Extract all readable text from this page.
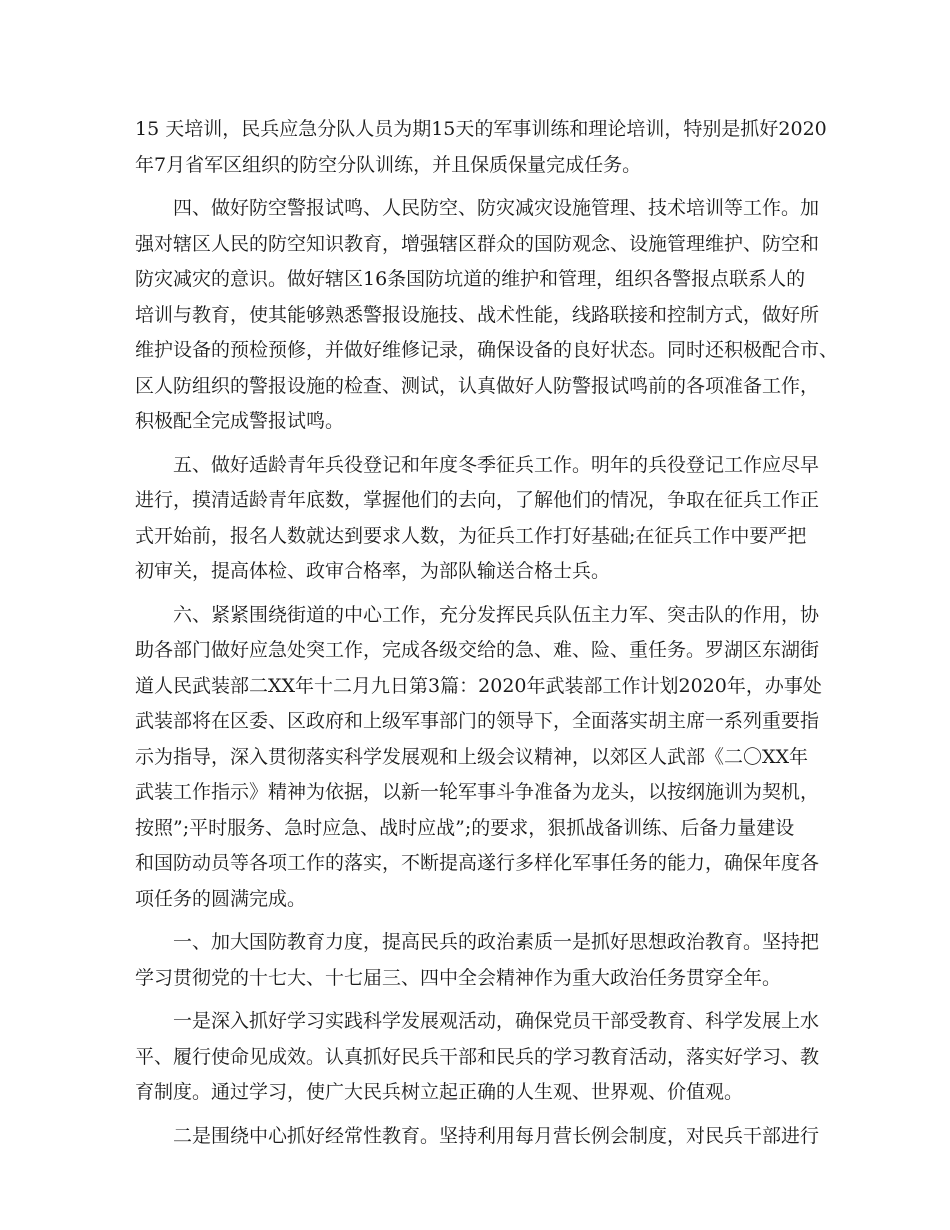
15 天培训，民兵应急分队人员为期15天的军事训练和理论培训，特别是抓好2020
年7月省军区组织的防空分队训练，并且保质保量完成任务。
四、做好防空警报试鸣、人民防空、防灾减灾设施管理、技术培训等工作。加
强对辖区人民的防空知识教育，增强辖区群众的国防观念、设施管理维护、防空和
防灾减灾的意识。做好辖区16条国防坑道的维护和管理，组织各警报点联系人的
培训与教育，使其能够熟悉警报设施技、战术性能，线路联接和控制方式，做好所
维护设备的预检预修，并做好维修记录，确保设备的良好状态。同时还积极配合市、
区人防组织的警报设施的检查、测试，认真做好人防警报试鸣前的各项准备工作，
积极配全完成警报试鸣。
五、做好适龄青年兵役登记和年度冬季征兵工作。明年的兵役登记工作应尽早
进行，摸清适龄青年底数，掌握他们的去向，了解他们的情况，争取在征兵工作正
式开始前，报名人数就达到要求人数，为征兵工作打好基础;在征兵工作中要严把
初审关，提高体检、政审合格率，为部队输送合格士兵。
六、紧紧围绕街道的中心工作，充分发挥民兵队伍主力军、突击队的作用，协
助各部门做好应急处突工作，完成各级交给的急、难、险、重任务。罗湖区东湖街
道人民武装部二XX年十二月九日第3篇：2020年武装部工作计划2020年，办事处
武装部将在区委、区政府和上级军事部门的领导下，全面落实胡主席一系列重要指
示为指导，深入贯彻落实科学发展观和上级会议精神，以郊区人武部《二〇XX年
武装工作指示》精神为依据，以新一轮军事斗争准备为龙头，以按纲施训为契机，
按照”;平时服务、急时应急、战时应战”;的要求，狠抓战备训练、后备力量建设
和国防动员等各项工作的落实，不断提高遂行多样化军事任务的能力，确保年度各
项任务的圆满完成。
一、加大国防教育力度，提高民兵的政治素质一是抓好思想政治教育。坚持把
学习贯彻党的十七大、十七届三、四中全会精神作为重大政治任务贯穿全年。
一是深入抓好学习实践科学发展观活动，确保党员干部受教育、科学发展上水
平、履行使命见成效。认真抓好民兵干部和民兵的学习教育活动，落实好学习、教
育制度。通过学习，使广大民兵树立起正确的人生观、世界观、价值观。
二是围绕中心抓好经常性教育。坚持利用每月营长例会制度，对民兵干部进行
